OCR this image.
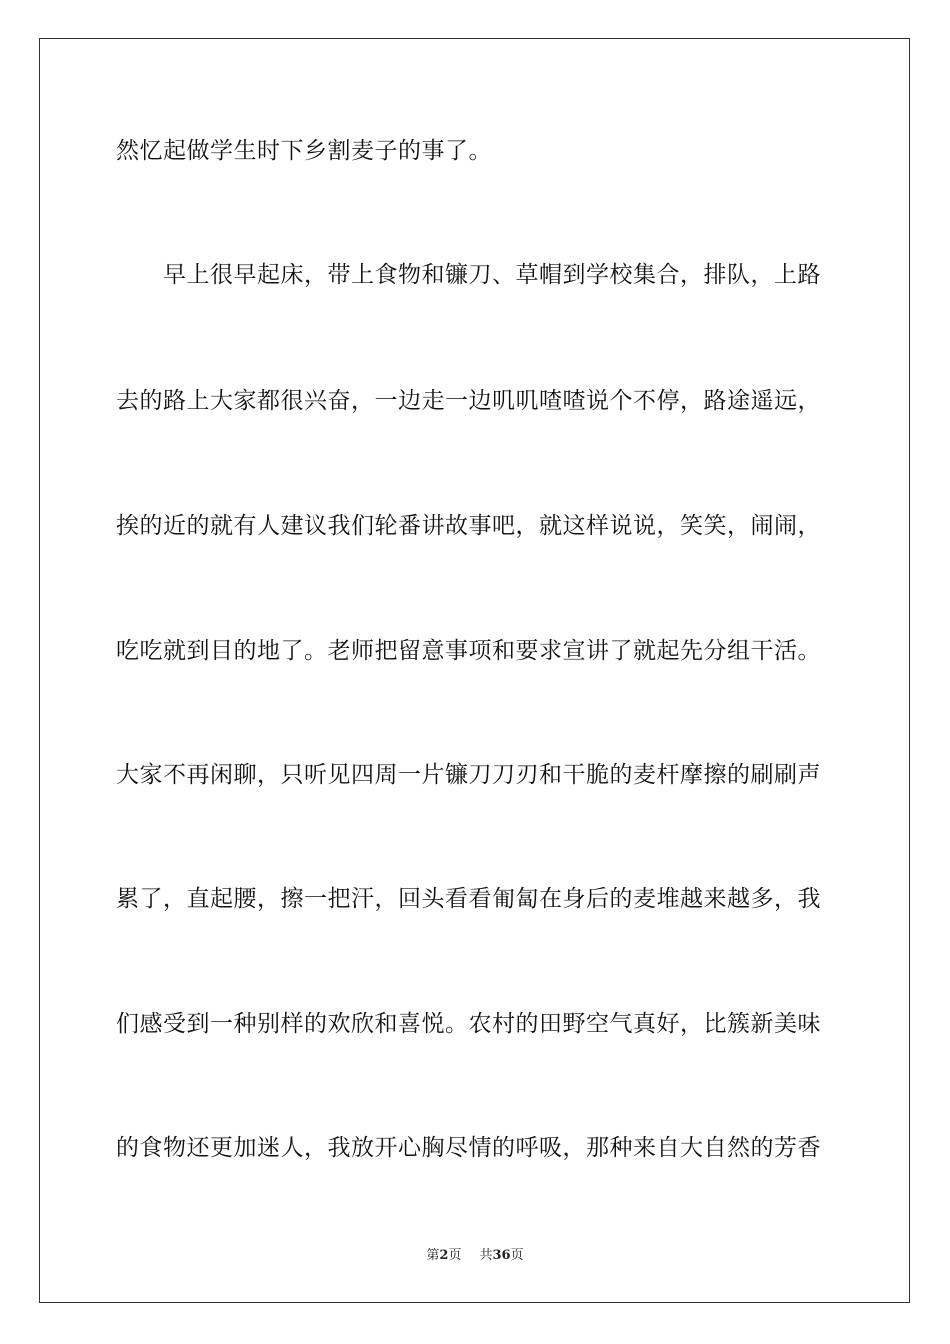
然忆起做学生时下乡割麦子的事了。
早上很早起床，带上食物和镰刀、草帽到学校集合，排队，上路
去的路上大家都很兴奋，一边走一边叽叽喳喳说个不停，路途遥远，
挨的近的就有人建议我们轮番讲故事吧，就这样说说，笑笑，闹闹，
吃吃就到目的地了。老师把留意事项和要求宣讲了就起先分组干活。
大家不再闲聊，只听见四周一片镰刀刀刃和干脆的麦杆摩擦的刷刷声
累了，直起腰，擦一把汗，回头看看匍匐在身后的麦堆越来越多，我
们感受到一种别样的欢欣和喜悦。农村的田野空气真好，比簇新美味
的食物还更加迷人，我放开心胸尽情的呼吸，那种来自大自然的芳香
第2页 共36页
